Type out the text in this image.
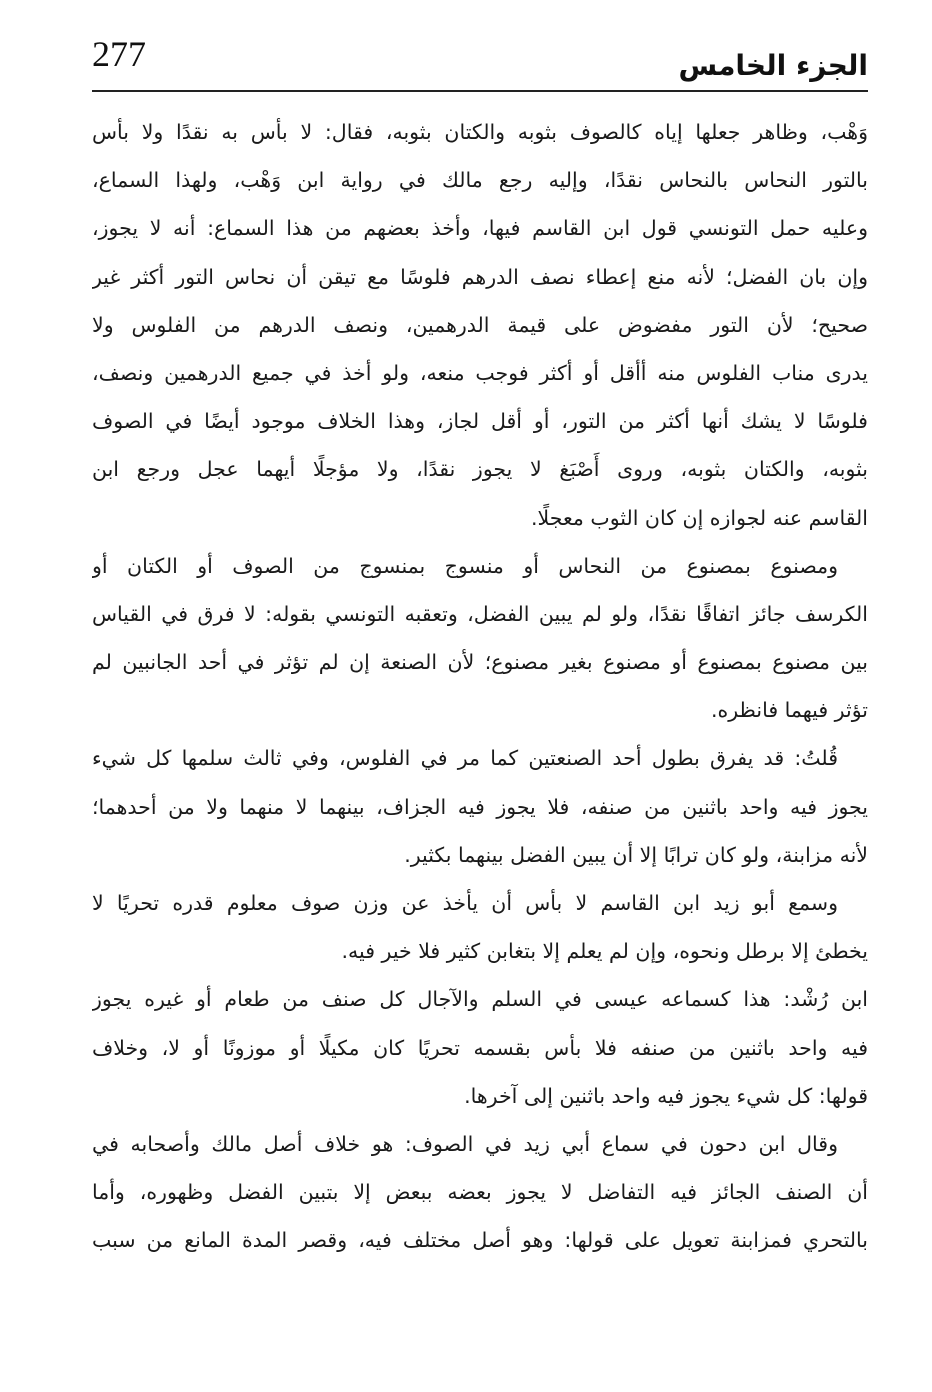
277	الجزء الخامس
وَهْب، وظاهر جعلها إياه كالصوف بثوبه والكتان بثوبه، فقال: لا بأس به نقدًا ولا بأس
بالتور النحاس بالنحاس نقدًا، وإليه رجع مالك في رواية ابن وَهْب، ولهذا السماع،
وعليه حمل التونسي قول ابن القاسم فيها، وأخذ بعضهم من هذا السماع: أنه لا يجوز،
وإن بان الفضل؛ لأنه منع إعطاء نصف الدرهم فلوسًا مع تيقن أن نحاس التور أكثر غير
صحيح؛ لأن التور مفضوض على قيمة الدرهمين، ونصف الدرهم من الفلوس ولا
يدرى مناب الفلوس منه أأقل أو أكثر فوجب منعه، ولو أخذ في جميع الدرهمين ونصف،
فلوسًا لا يشك أنها أكثر من التور، أو أقل لجاز، وهذا الخلاف موجود أيضًا في الصوف
بثوبه، والكتان بثوبه، وروى أَصْبَغ لا يجوز نقدًا، ولا مؤجلًا أيهما عجل ورجع ابن
القاسم عنه لجوازه إن كان الثوب معجلًا.
ومصنوع بمصنوع من النحاس أو منسوج بمنسوج من الصوف أو الكتان أو
الكرسف جائز اتفاقًا نقدًا، ولو لم يبين الفضل، وتعقبه التونسي بقوله: لا فرق في القياس
بين مصنوع بمصنوع أو مصنوع بغير مصنوع؛ لأن الصنعة إن لم تؤثر في أحد الجانبين لم
تؤثر فيهما فانظره.
قُلتُ: قد يفرق بطول أحد الصنعتين كما مر في الفلوس، وفي ثالث سلمها كل شيء
يجوز فيه واحد باثنين من صنفه، فلا يجوز فيه الجزاف، بينهما لا منهما ولا من أحدهما؛
لأنه مزابنة، ولو كان ترابًا إلا أن يبين الفضل بينهما بكثير.
وسمع أبو زيد ابن القاسم لا بأس أن يأخذ عن وزن صوف معلوم قدره تحريًا لا
يخطئ إلا برطل ونحوه، وإن لم يعلم إلا بتغابن كثير فلا خير فيه.
ابن رُشْد: هذا كسماعه عيسى في السلم والآجال كل صنف من طعام أو غيره يجوز
فيه واحد باثنين من صنفه فلا بأس بقسمه تحريًا كان مكيلًا أو موزونًا أو لا، وخلاف
قولها: كل شيء يجوز فيه واحد باثنين إلى آخرها.
وقال ابن دحون في سماع أبي زيد في الصوف: هو خلاف أصل مالك وأصحابه في
أن الصنف الجائز فيه التفاضل لا يجوز بعضه ببعض إلا بتبين الفضل وظهوره، وأما
بالتحري فمزابنة تعويل على قولها: وهو أصل مختلف فيه، وقصر المدة المانع من سبب
